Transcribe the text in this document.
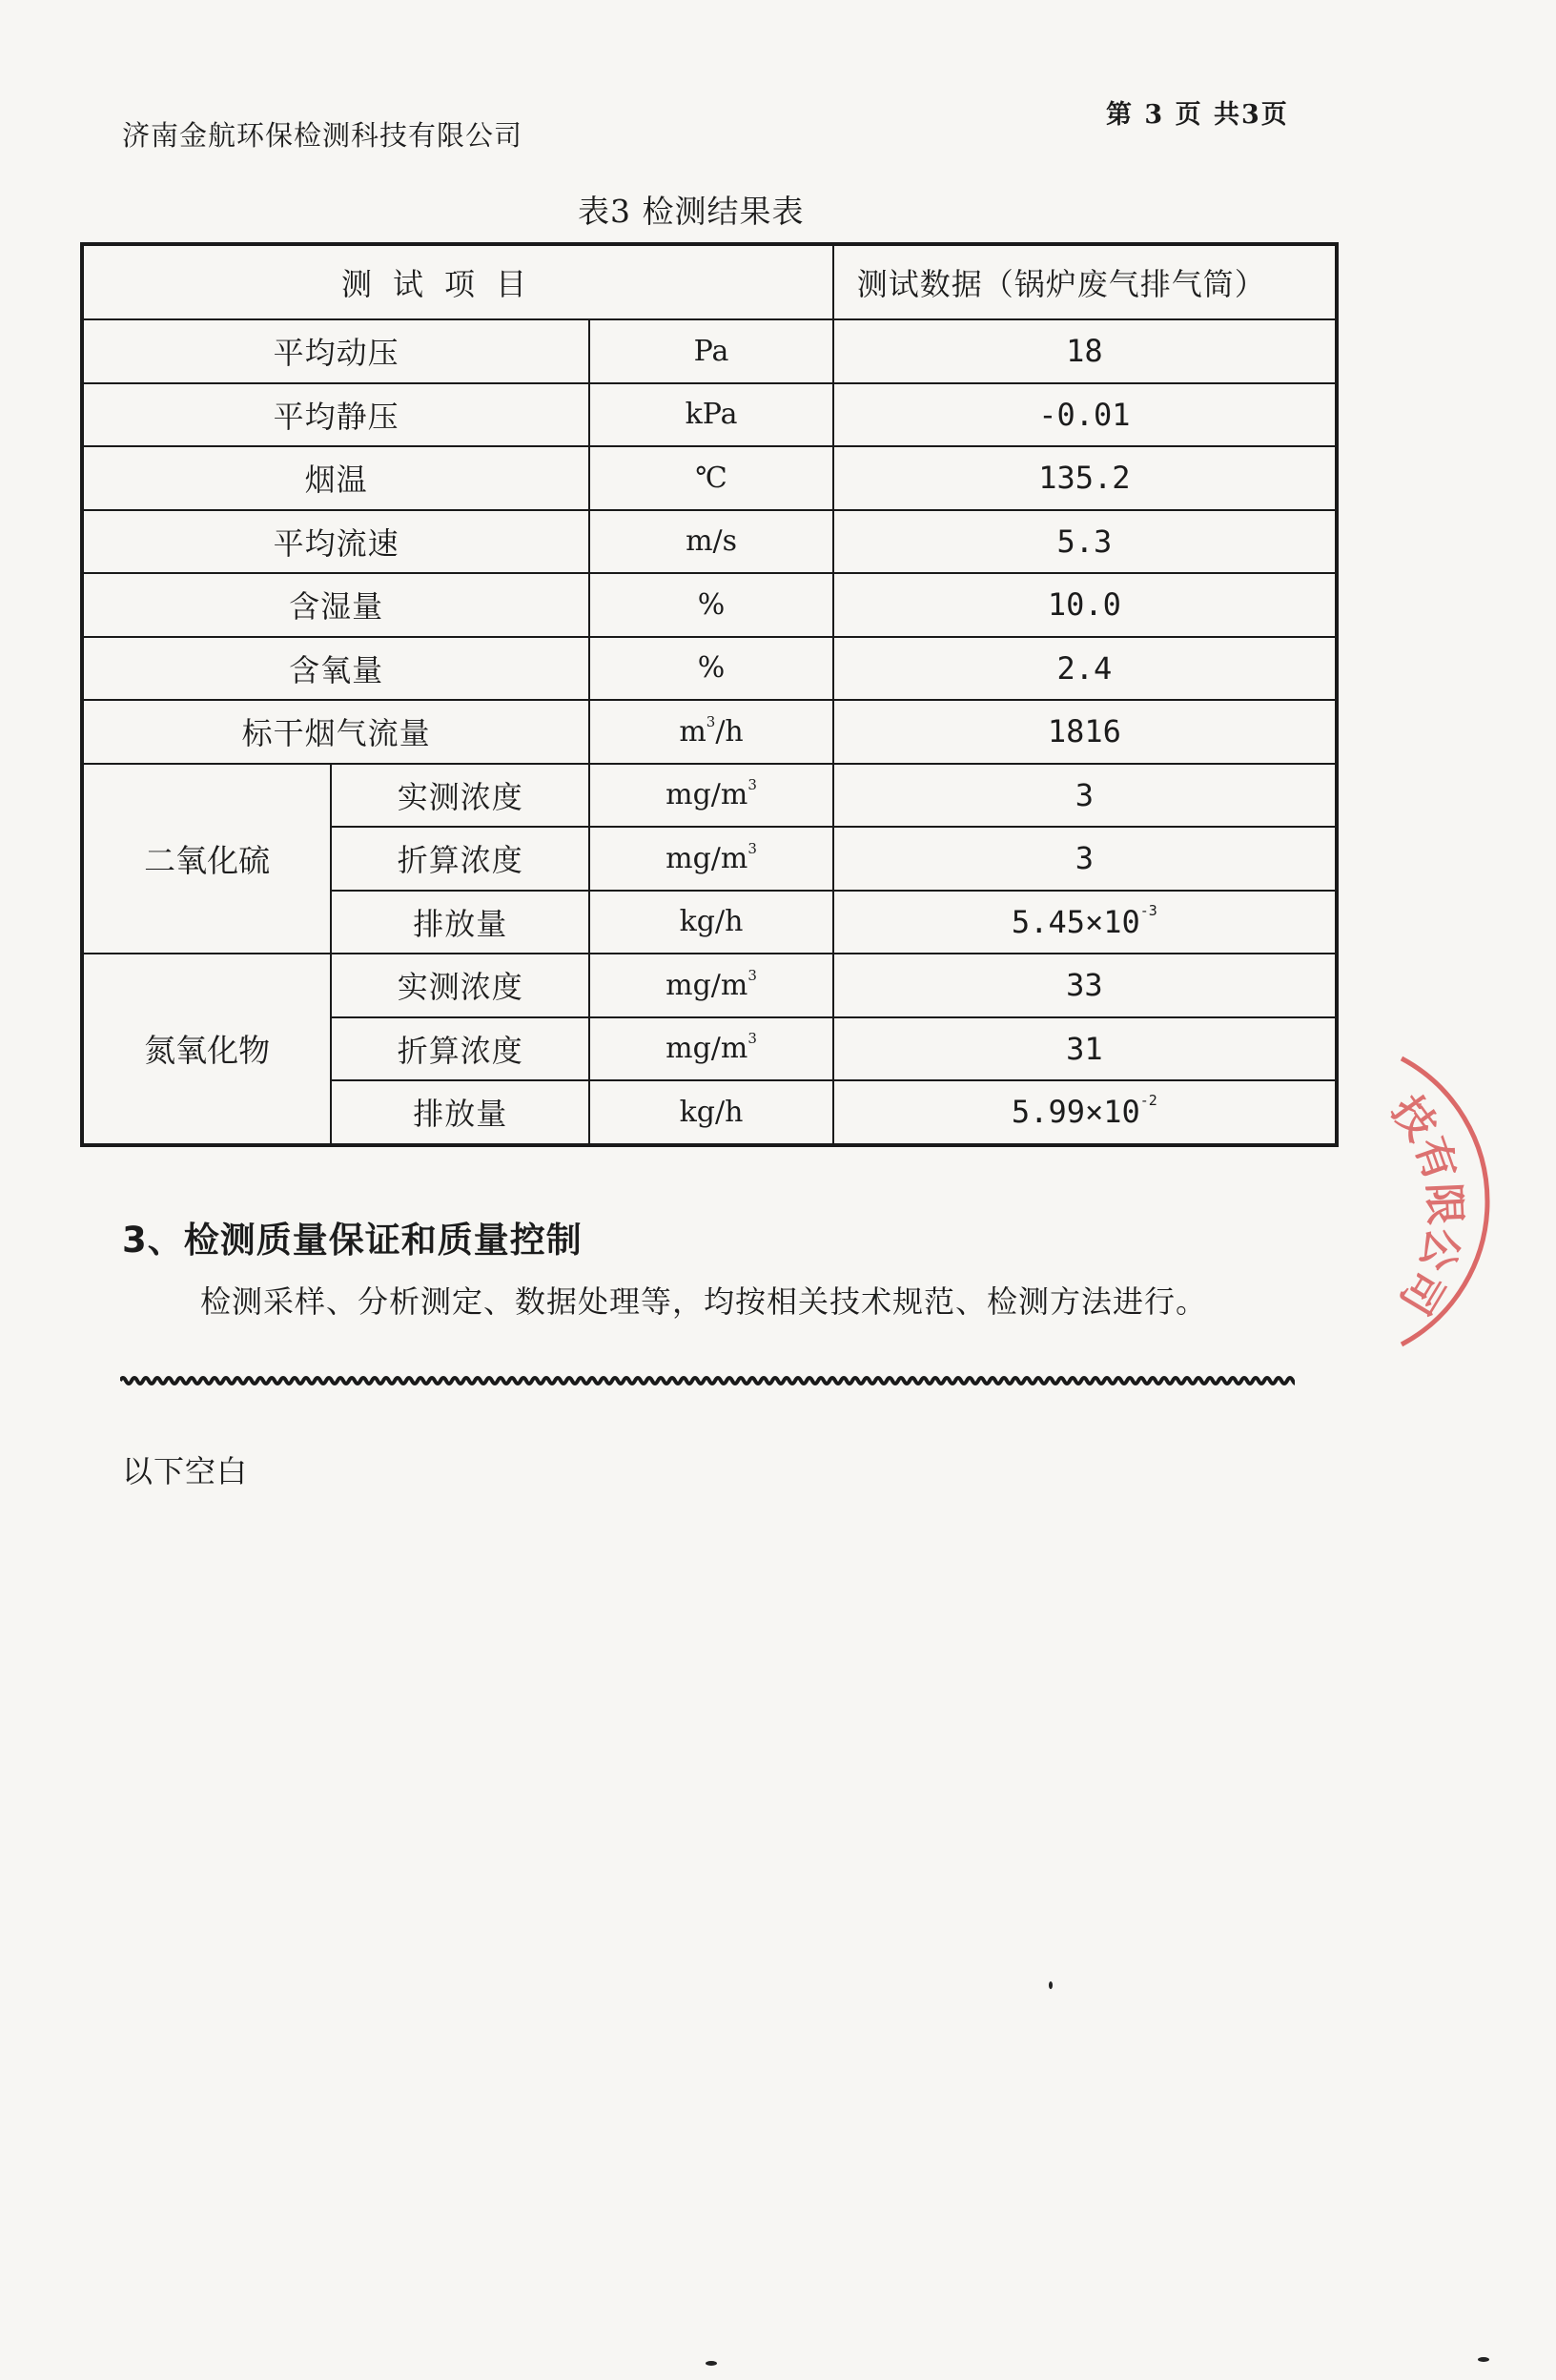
济南金航环保检测科技有限公司
第 3 页 共3页
表3 检测结果表
测试项目			测试数据（锅炉废气排气筒）
平均动压		Pa	18
平均静压		kPa	-0.01
烟温		℃	135.2
平均流速		m/s	5.3
含湿量		%	10.0
含氧量		%	2.4
标干烟气流量		$m^3/h$	1816
二氧化硫	实测浓度	$mg/m^3$	3
	折算浓度	$mg/m^3$	3
	排放量	kg/h	$5.45\times 10^{-3}$
氮氧化物	实测浓度	$mg/m^3$	33
	折算浓度	$mg/m^3$	31
	排放量	kg/h	$5.99\times 10^{-2}$
3、检测质量保证和质量控制
检测采样、分析测定、数据处理等，均按相关技术规范、检测方法进行。
以下空白
技有限公司
